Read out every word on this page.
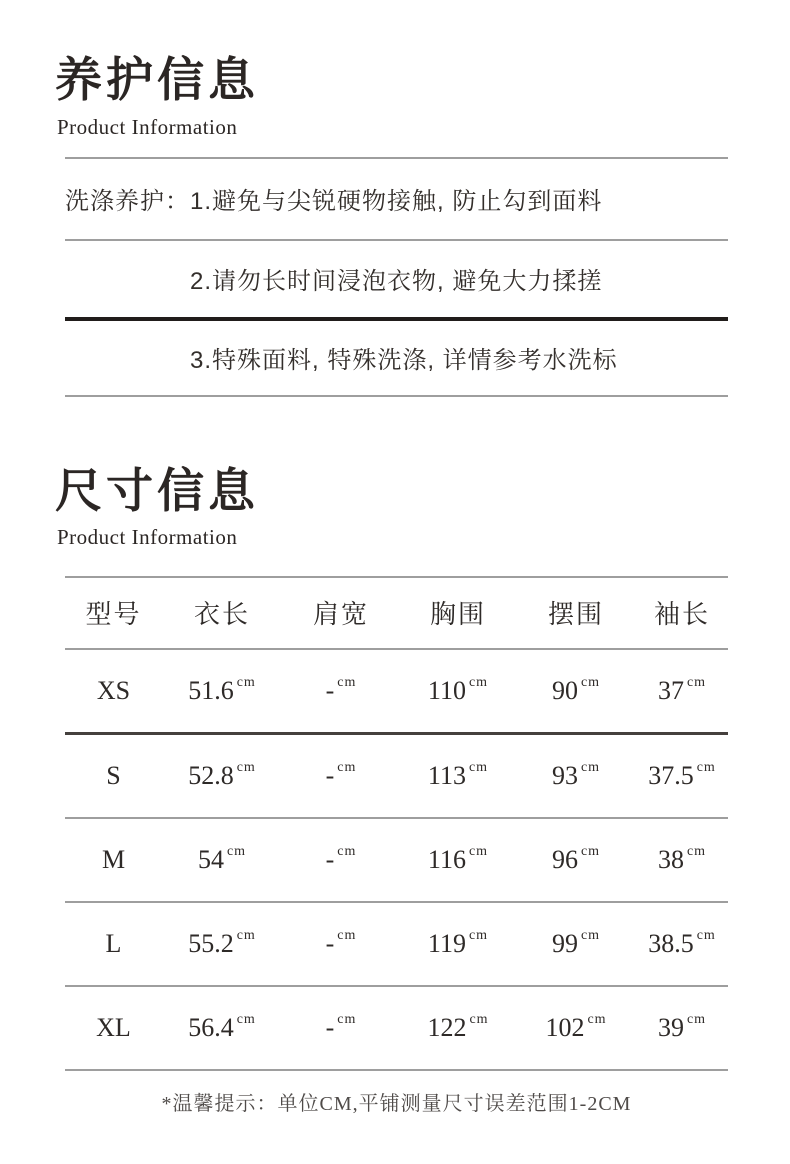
养护信息
Product Information
洗涤养护： 1.避免与尖锐硬物接触, 防止勾到面料
2.请勿长时间浸泡衣物, 避免大力揉搓
3.特殊面料, 特殊洗涤, 详情参考水洗标
尺寸信息
Product Information
型号	衣长	肩宽	胸围	摆围	袖长
XS	51.6 cm	- cm	110 cm	90 cm	37 cm
S	52.8 cm	- cm	113 cm	93 cm	37.5 cm
M	54 cm	- cm	116 cm	96 cm	38 cm
L	55.2 cm	- cm	119 cm	99 cm	38.5 cm
XL	56.4 cm	- cm	122 cm	102 cm	39 cm
*温馨提示：单位CM,平铺测量尺寸误差范围1-2CM
